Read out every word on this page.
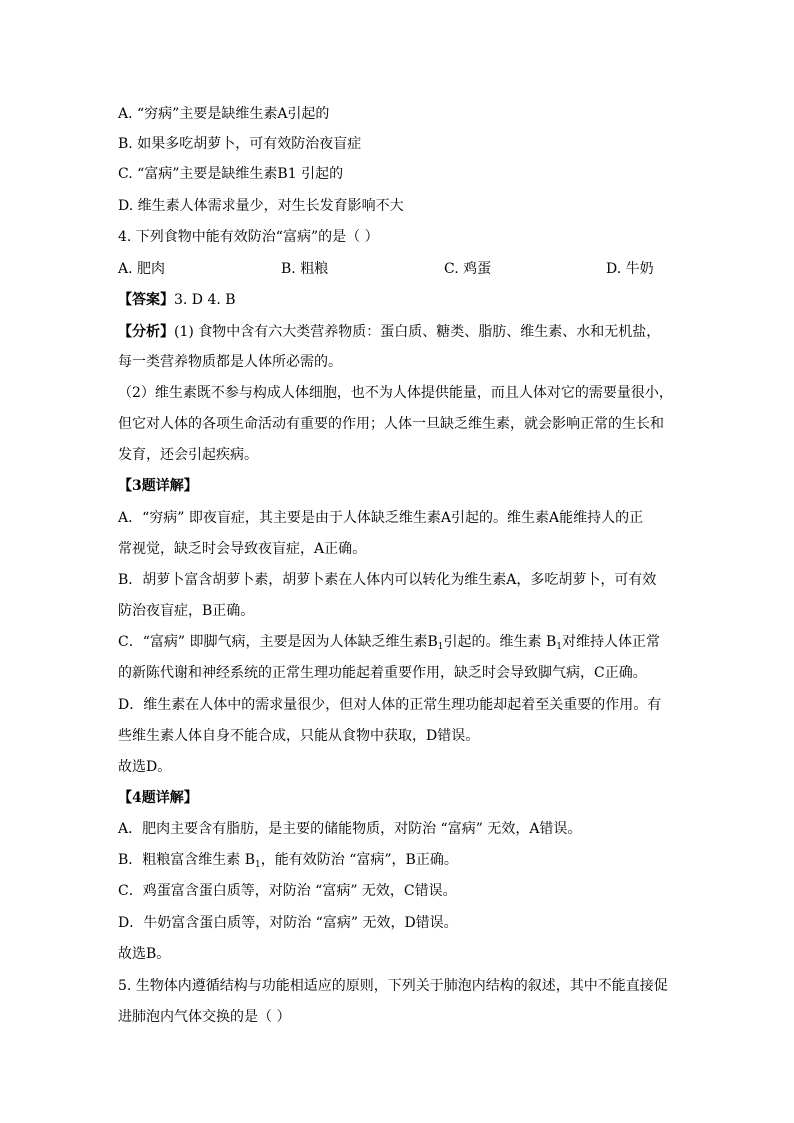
A. “穷病”主要是缺维生素A引起的
B. 如果多吃胡萝卜，可有效防治夜盲症
C. “富病”主要是缺维生素B1 引起的
D. 维生素人体需求量少，对生长发育影响不大
4. 下列食物中能有效防治“富病”的是（ ）
A. 肥肉	B. 粗粮	C. 鸡蛋	D. 牛奶
【答案】3. D 4. B
【分析】(1) 食物中含有六大类营养物质：蛋白质、糖类、脂肪、维生素、水和无机盐，
每一类营养物质都是人体所必需的。
（2）维生素既不参与构成人体细胞，也不为人体提供能量，而且人体对它的需要量很小，
但它对人体的各项生命活动有重要的作用；人体一旦缺乏维生素，就会影响正常的生长和
发育，还会引起疾病。
【3题详解】
A．“穷病” 即夜盲症，其主要是由于人体缺乏维生素A引起的。维生素A能维持人的正
常视觉，缺乏时会导致夜盲症，A正确。
B．胡萝卜富含胡萝卜素，胡萝卜素在人体内可以转化为维生素A，多吃胡萝卜，可有效
防治夜盲症，B正确。
C．“富病” 即脚气病，主要是因为人体缺乏维生素$B_1$引起的。维生素 $B_1$对维持人体正常
的新陈代谢和神经系统的正常生理功能起着重要作用，缺乏时会导致脚气病，C正确。
D．维生素在人体中的需求量很少，但对人体的正常生理功能却起着至关重要的作用。有
些维生素人体自身不能合成，只能从食物中获取，D错误。
故选D。
【4题详解】
A．肥肉主要含有脂肪，是主要的储能物质，对防治 “富病” 无效，A错误。
B．粗粮富含维生素 $B_1$，能有效防治 “富病”，B正确。
C．鸡蛋富含蛋白质等，对防治 “富病” 无效，C错误。
D．牛奶富含蛋白质等，对防治 “富病” 无效，D错误。
故选B。
5. 生物体内遵循结构与功能相适应的原则，下列关于肺泡内结构的叙述，其中不能直接促
进肺泡内气体交换的是（ ）
